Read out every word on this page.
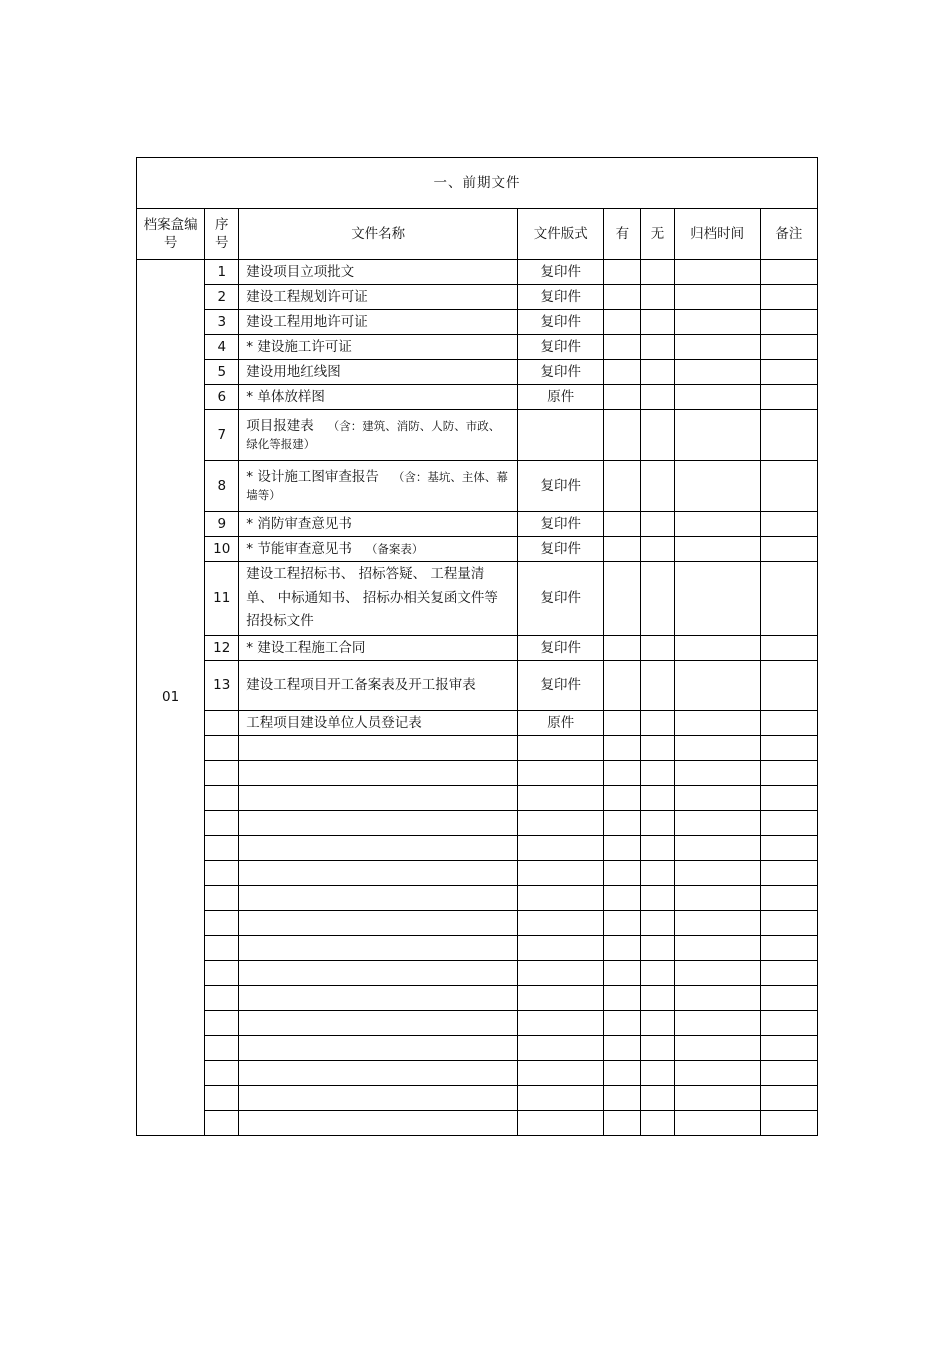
一、前期文件							
档案盒编号	序号	文件名称	文件版式	有	无	归档时间	备注
01	1	建设项目立项批文	复印件				
	2	建设工程规划许可证	复印件				
	3	建设工程用地许可证	复印件				
	4	* 建设施工许可证	复印件				
	5	建设用地红线图	复印件				
	6	* 单体放样图	原件				
	7	项目报建表 （含：建筑、消防、人防、市政、绿化等报建）					
	8	* 设计施工图审查报告 （含：基坑、主体、幕墙等）	复印件				
	9	* 消防审查意见书	复印件				
	10	* 节能审查意见书 （备案表）	复印件				
	11	建设工程招标书、 招标答疑、 工程量清单、 中标通知书、 招标办相关复函文件等招投标文件	复印件				
	12	* 建设工程施工合同	复印件				
	13	建设工程项目开工备案表及开工报审表	复印件				
		工程项目建设单位人员登记表	原件				
